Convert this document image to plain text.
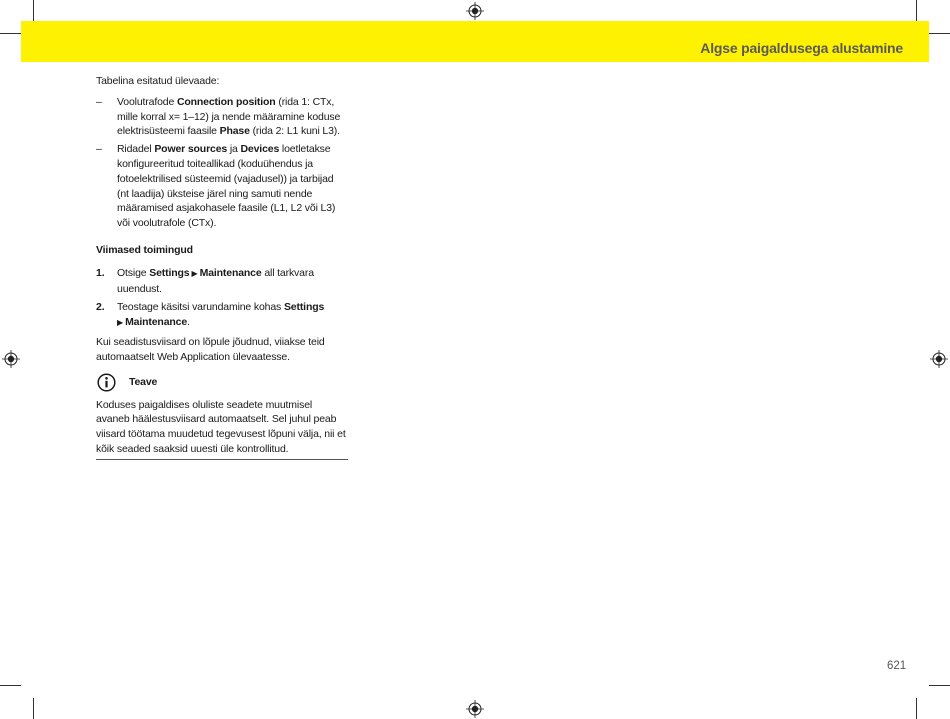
Algse paigaldusega alustamine

Tabelina esitatud ülevaade:

– Voolutrafode Connection position (rida 1: CTx, mille korral x= 1–12) ja nende määramine koduse elektrisüsteemi faasile Phase (rida 2: L1 kuni L3).

– Ridadel Power sources ja Devices loetletakse konfigureeritud toiteallikad (koduühendus ja fotoelektrilised süsteemid (vajadusel)) ja tarbijad (nt laadija) üksteise järel ning samuti nende määramised asjakohasele faasile (L1, L2 või L3) või voolutrafole (CTx).

Viimased toimingud

1. Otsige Settings ▶ Maintenance all tarkvara uuendust.

2. Teostage käsitsi varundamine kohas Settings
▶ Maintenance.

Kui seadistusviisard on lõpule jõudnud, viiakse teid automaatselt Web Application ülevaatesse.

Teave

Koduses paigaldises oluliste seadete muutmisel avaneb häälestusviisard automaatselt. Sel juhul peab viisard töötama muudetud tegevusest lõpuni välja, nii et kõik seaded saaksid uuesti üle kontrollitud.

621
